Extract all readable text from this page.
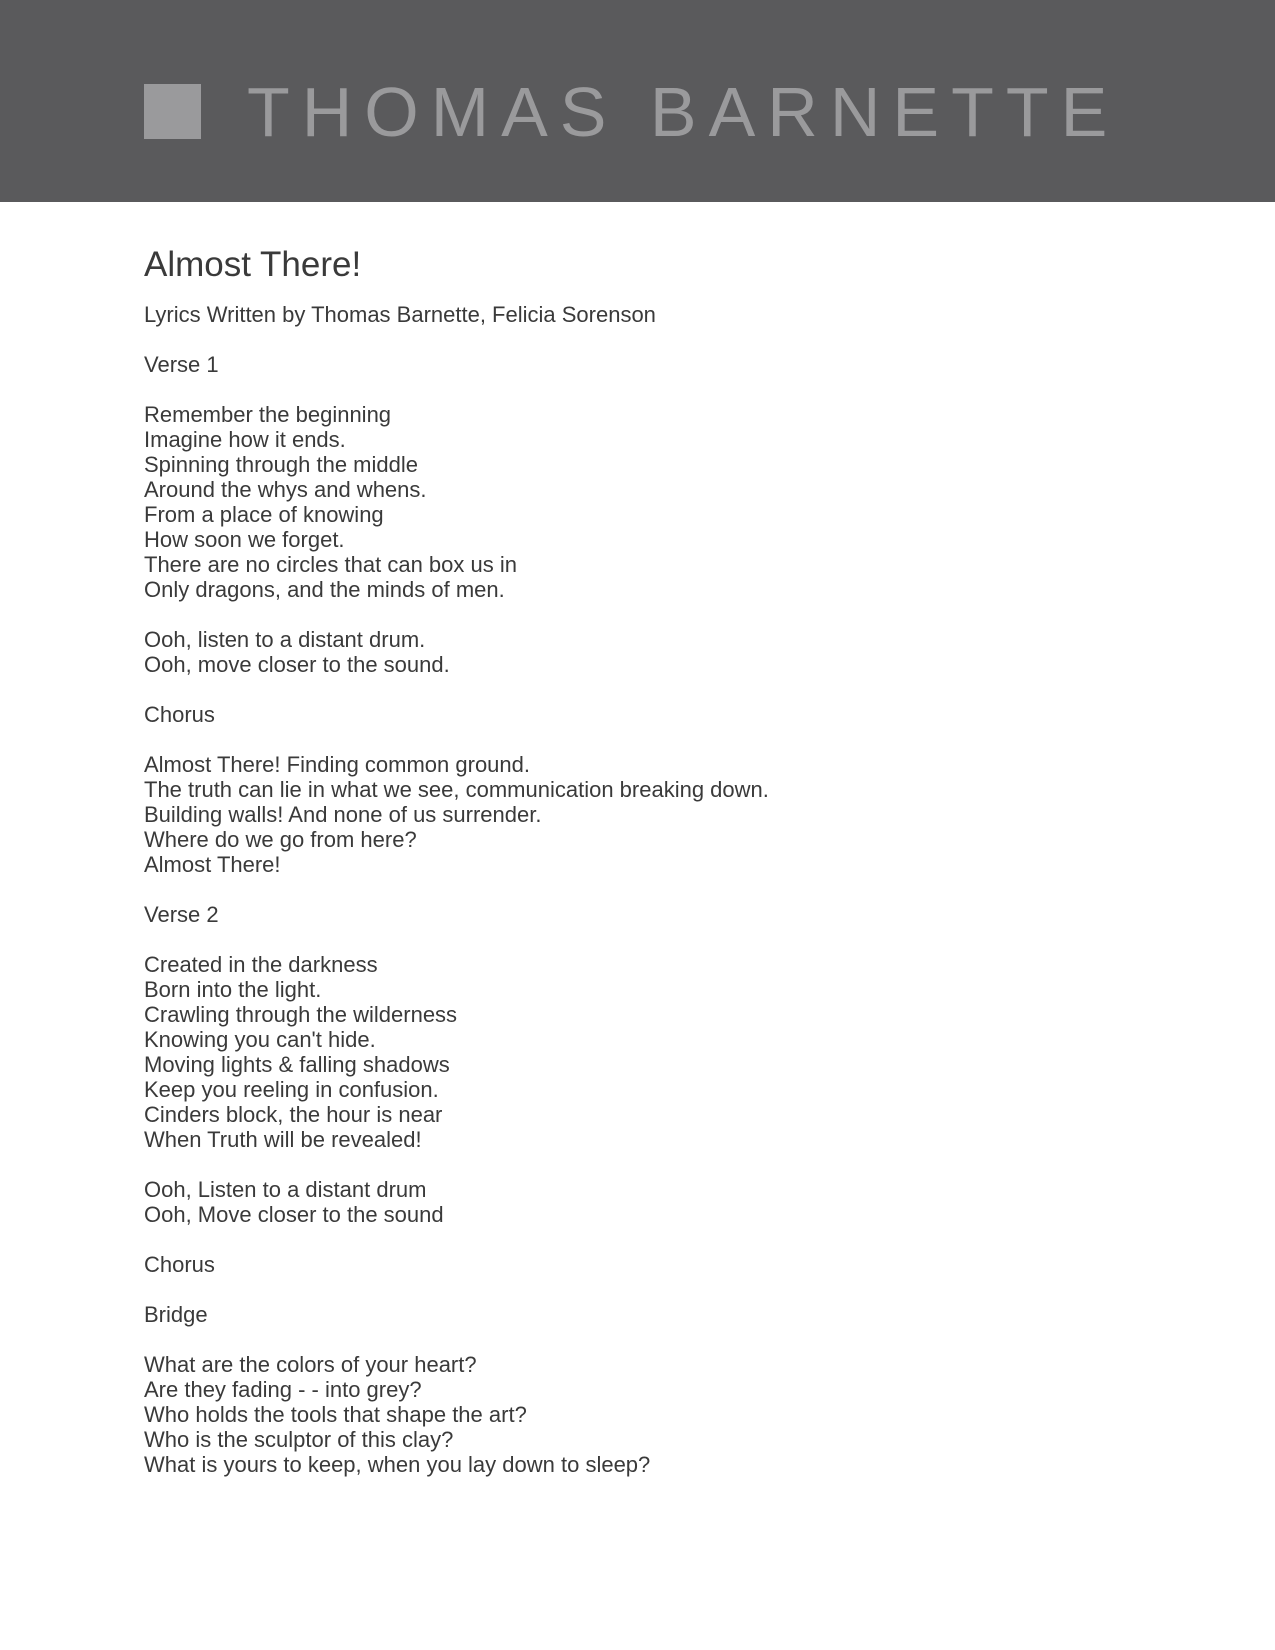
THOMAS BARNETTE
Almost There!
Lyrics Written by Thomas Barnette, Felicia Sorenson
Verse 1
Remember the beginning
Imagine how it ends.
Spinning through the middle
Around the whys and whens.
From a place of knowing
How soon we forget.
There are no circles that can box us in
Only dragons, and the minds of men.
Ooh, listen to a distant drum.
Ooh, move closer to the sound.
Chorus
Almost There! Finding common ground.
The truth can lie in what we see, communication breaking down.
Building walls! And none of us surrender.
Where do we go from here?
Almost There!
Verse 2
Created in the darkness
Born into the light.
Crawling through the wilderness
Knowing you can't hide.
Moving lights & falling shadows
Keep you reeling in confusion.
Cinders block, the hour is near
When Truth will be revealed!
Ooh, Listen to a distant drum
Ooh, Move closer to the sound
Chorus
Bridge
What are the colors of your heart?
Are they fading - - into grey?
Who holds the tools that shape the art?
Who is the sculptor of this clay?
What is yours to keep, when you lay down to sleep?
